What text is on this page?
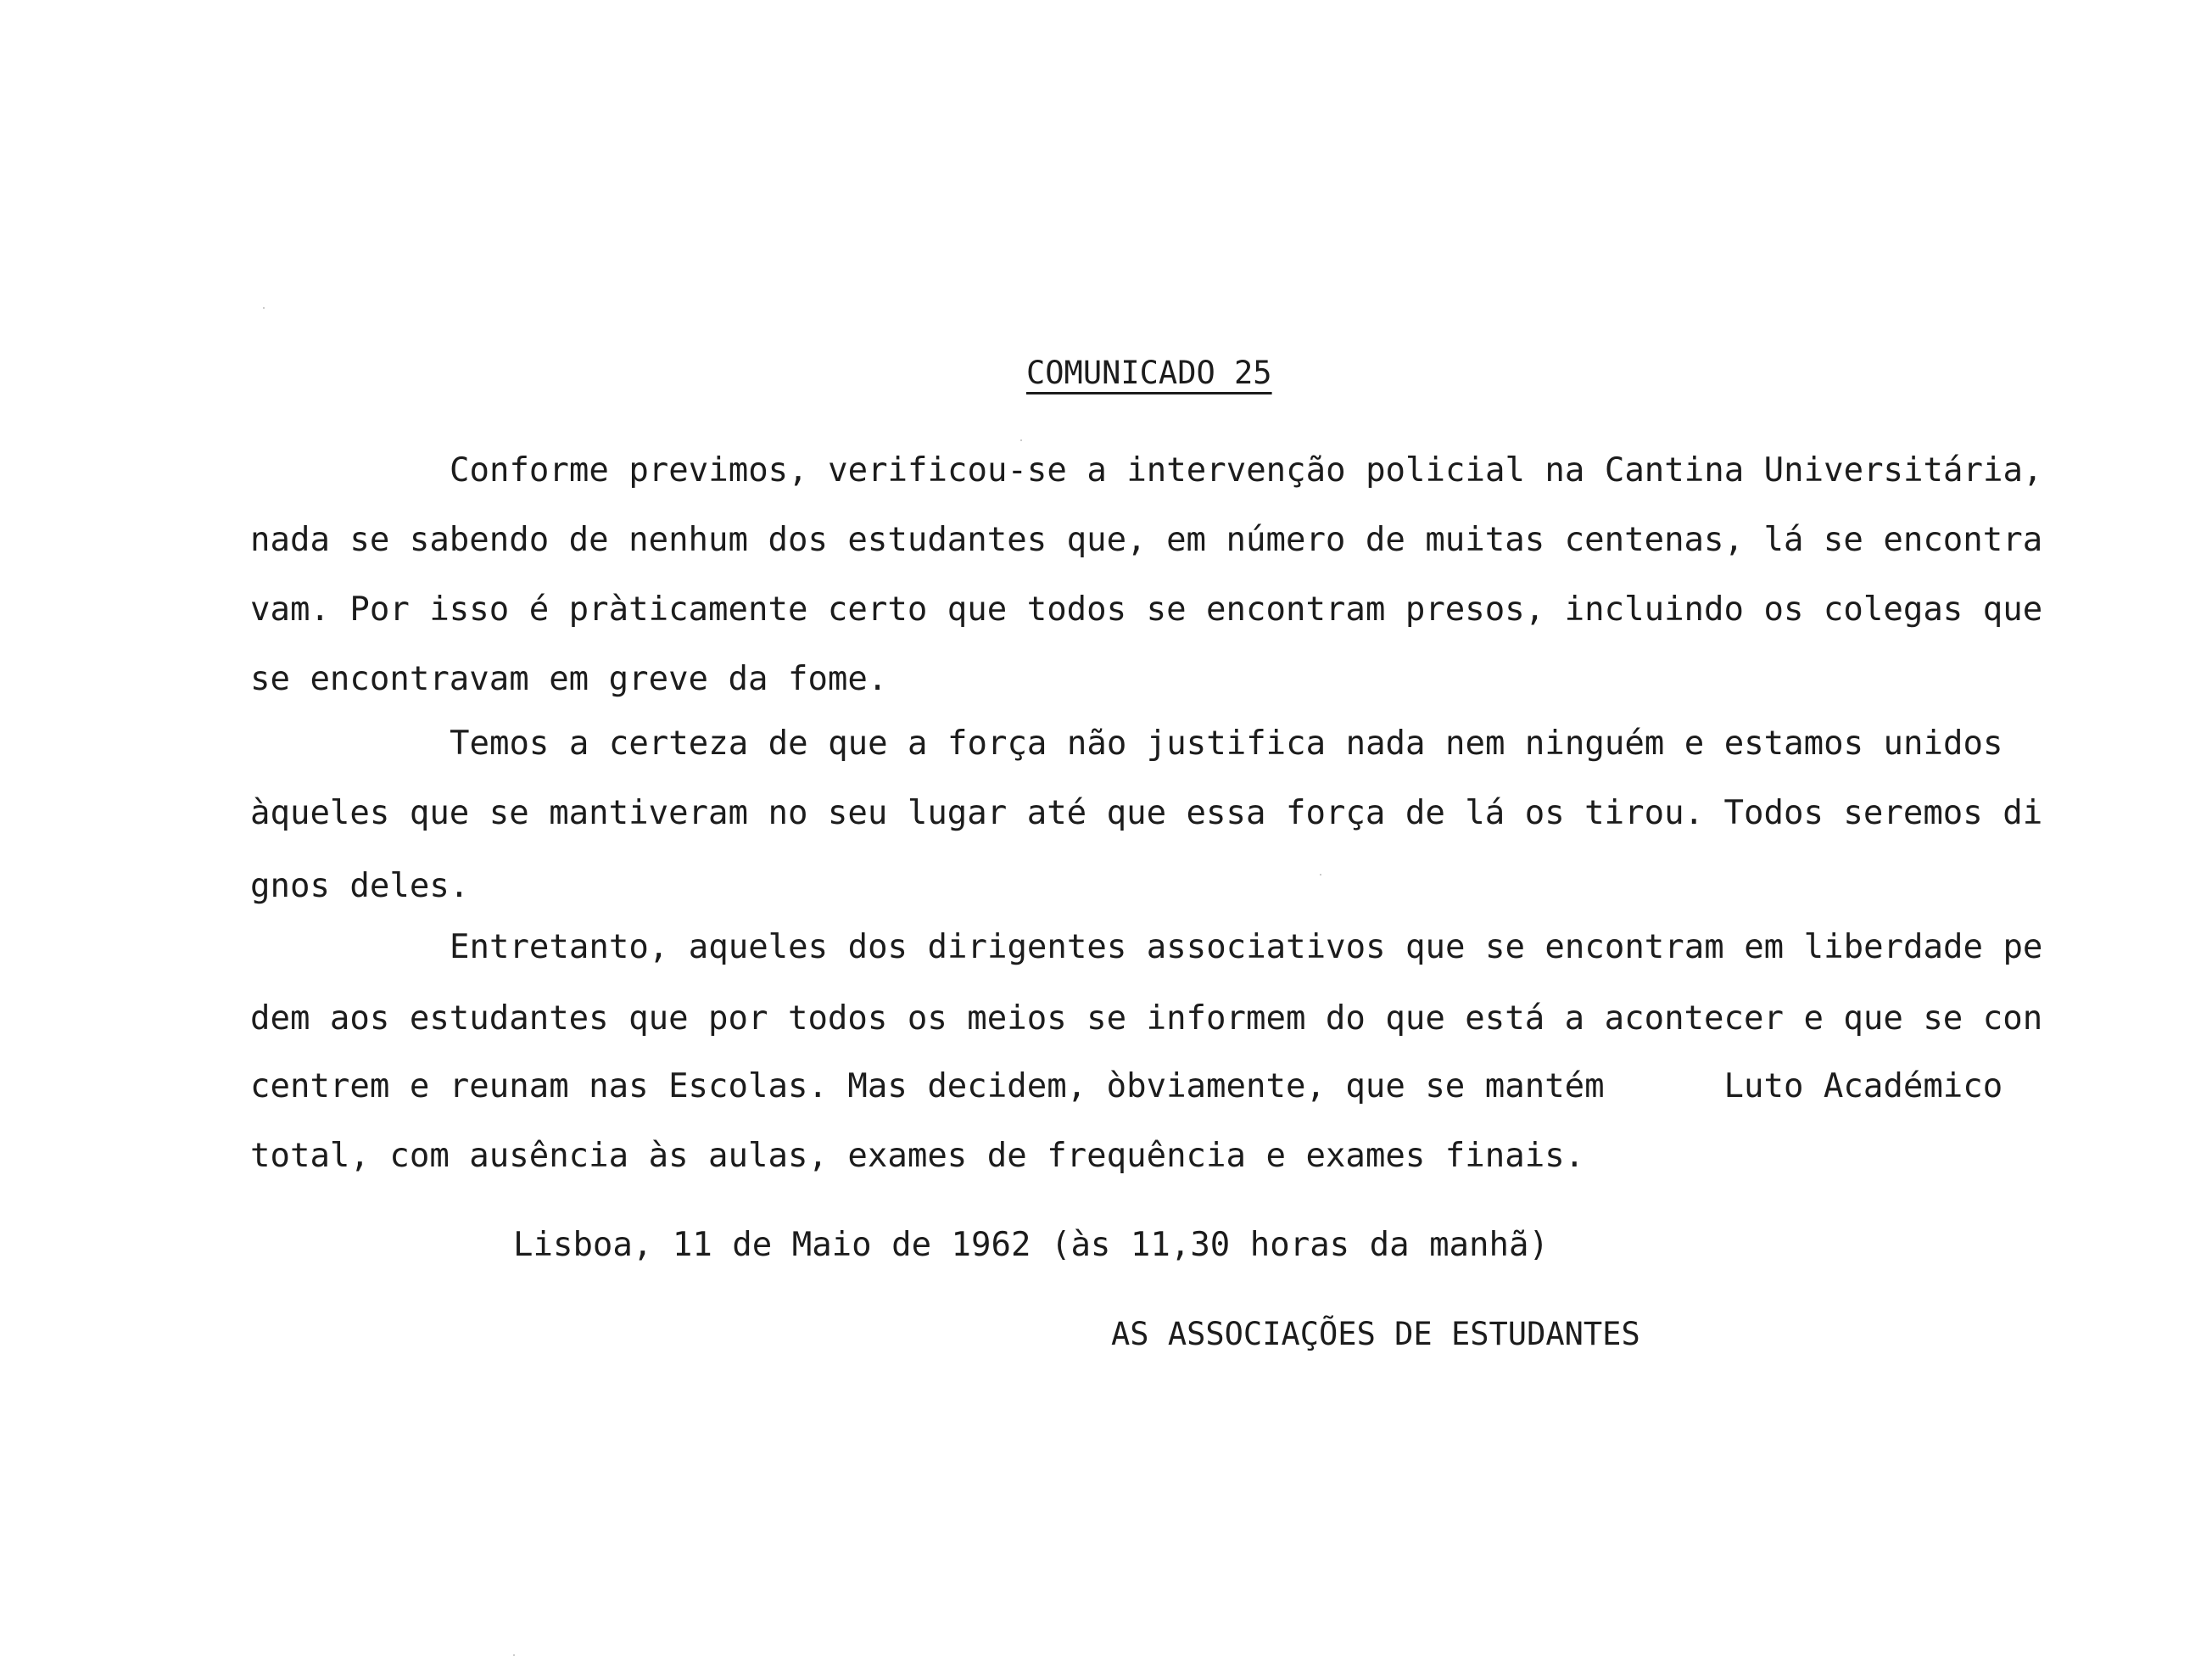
COMUNICADO 25
Conforme previmos, verificou-se a intervenção policial na Cantina Universitária,
nada se sabendo de nenhum dos estudantes que, em número de muitas centenas, lá se encontra
vam. Por isso é pràticamente certo que todos se encontram presos, incluindo os colegas que
se encontravam em greve da fome.
Temos a certeza de que a força não justifica nada nem ninguém e estamos unidos
àqueles que se mantiveram no seu lugar até que essa força de lá os tirou. Todos seremos di
gnos deles.
Entretanto, aqueles dos dirigentes associativos que se encontram em liberdade pe
dem aos estudantes que por todos os meios se informem do que está a acontecer e que se con
centrem e reunam nas Escolas. Mas decidem, òbviamente, que se mantém      Luto Académico
total, com ausência às aulas, exames de frequência e exames finais.
Lisboa, 11 de Maio de 1962 (às 11,30 horas da manhã)
AS ASSOCIAÇÕES DE ESTUDANTES
